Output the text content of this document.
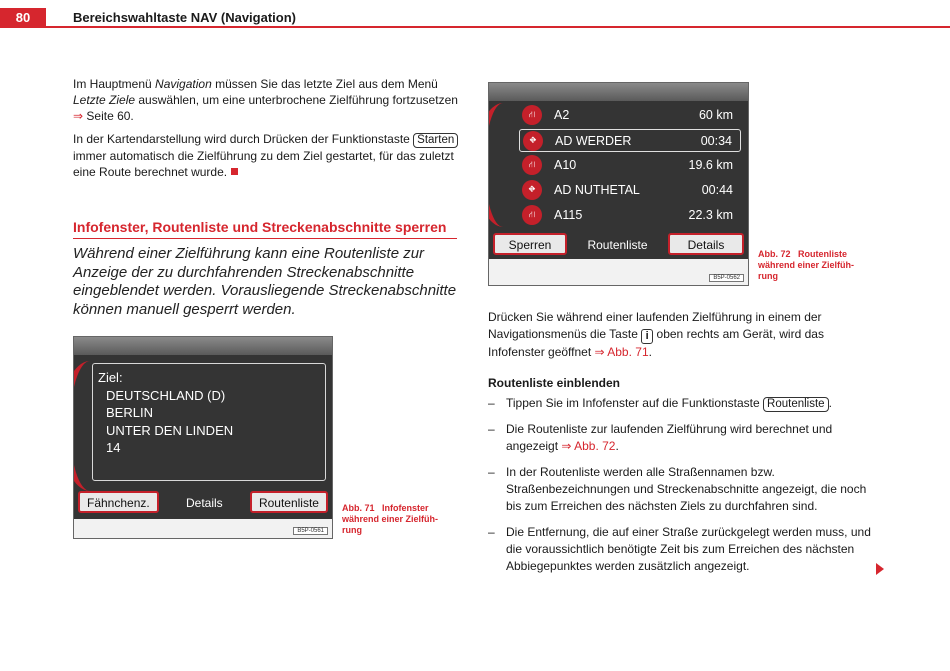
80	Bereichswahltaste NAV (Navigation)

Im Hauptmenü Navigation müssen Sie das letzte Ziel aus dem Menü Letzte Ziele auswählen, um eine unterbrochene Zielführung fortzusetzen
⇒ Seite 60.

In der Kartendarstellung wird durch Drücken der Funktionstaste Starten immer automatisch die Zielführung zu dem Ziel gestartet, für das zuletzt eine Route berechnet wurde.

Infofenster, Routenliste und Streckenabschnitte sperren
Während einer Zielführung kann eine Routenliste zur Anzeige der zu durchfahrenden Streckenabschnitte eingeblendet werden. Vorausliegende Streckenabschnitte können manuell gesperrt werden.
Ziel:
DEUTSCHLAND (D)
BERLIN
UNTER DEN LINDEN
14
Fähnchenz.	Details	Routenliste
B5P-0561
Abb. 71 Infofenster
während einer Zielfüh-
rung
⛙	A2	60 km
⛖	AD WERDER	00:34
⛙	A10	19.6 km
⛖	AD NUTHETAL	00:44
⛙	A115	22.3 km
Sperren	Routenliste	Details
B5P-0562
Abb. 72 Routenliste
während einer Zielfüh-
rung

Drücken Sie während einer laufenden Zielführung in einem der Navigationsmenüs die Taste i oben rechts am Gerät, wird das Infofenster geöffnet ⇒ Abb. 71.

Routenliste einblenden
– Tippen Sie im Infofenster auf die Funktionstaste Routenliste .
– Die Routenliste zur laufenden Zielführung wird berechnet und angezeigt ⇒ Abb. 72.
– In der Routenliste werden alle Straßennamen bzw. Straßenbezeichnungen und Streckenabschnitte angezeigt, die noch bis zum Erreichen des nächsten Ziels zu durchfahren sind.
– Die Entfernung, die auf einer Straße zurückgelegt werden muss, und die voraussichtlich benötigte Zeit bis zum Erreichen des nächsten Abbiegepunktes werden zusätzlich angezeigt.
